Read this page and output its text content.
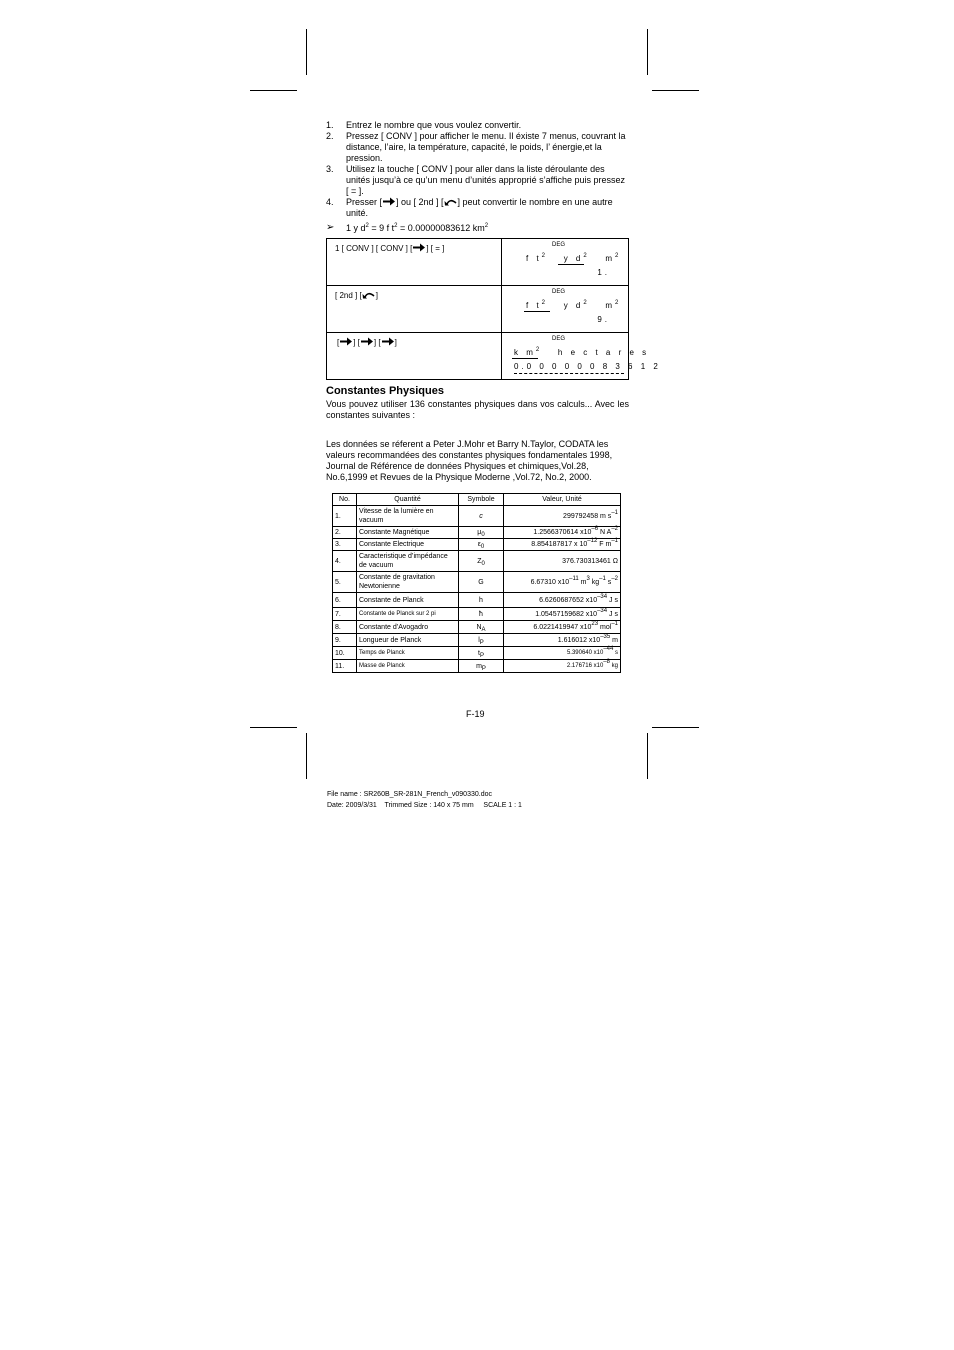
1. Entrez le nombre que vous voulez convertir.
2. Pressez [ CONV ] pour afficher le menu. Il éxiste 7 menus, couvrant la distance, l’aire, la température, capacité, le poids, l’ énergie,et la pression.
3. Utilisez la touche [ CONV ] pour aller dans la liste déroulante des unités jusqu’à ce qu’un menu d’unités approprié s’affiche puis pressez [ = ].
4. Presser [ ] ou [ 2nd ] [ ] peut convertir le nombre en une autre unité.
➢ 1 y $d^2 = 9$ f $t^2 = 0.00000083612$ $km^2$
1 [ CONV ] [ CONV ] [ ] [ = ]	DEG
f $t^2$ y $d^2$ $m^2$
1.

[ 2nd ] [ ]	DEG
f $t^2$ y $d^2$ $m^2$
9.

[ ] [ ] [ ]	DEG
k $m^2$ h e c t a r e s
0.0 0 0 0 0 0 8 3 6 1 2
Constantes Physiques

Vous pouvez utiliser 136 constantes physiques dans vos calculs... Avec les constantes suivantes :

Les données se réferent a Peter J.Mohr et Barry N.Taylor, CODATA les valeurs recommandées des constantes physiques fondamentales 1998, Journal de Référence de données Physiques et chimiques,Vol.28, No.6,1999 et Revues de la Physique Moderne ,Vol.72, No.2, 2000.

No.	Quantité	Symbole	Valeur, Unité
1.	Vitesse de la lumière en vacuum	c	299792458 m $s^{-1}$
2.	Constante Magnétique	$\mu_0$	1.2566370614 $x10^{-6}$ N $A^{-2}$
3.	Constante Electrique	$\varepsilon_0$	8.854187817 x $10^{-12}$ F $m^{-1}$
4.	Caracteristique d’impédance de vacuum	$Z_0$	376.730313461 Ω
5.	Constante de gravitation Newtonienne	G	6.67310 $x10^{-11}$ $m^3$ $kg^{-1}$ $s^{-2}$
6.	Constante de Planck	h	6.6260687652 $x10^{-34}$ J s
7.	Constante de Planck sur 2 pi	ħ	1.05457159682 $x10^{-34}$ J s
8.	Constante d’Avogadro	$N_A$	6.0221419947 $x10^{23}$ mol$^{-1}$
9.	Longueur de Planck	$l_P$	1.616012 $x10^{-35}$ m
10.	Temps de Planck	$t_P$	5.390640 $x10^{-44}$ s
11.	Masse de Planck	$m_P$	2.176716 $x10^{-8}$ kg
F-19
File name : SR260B_SR-281N_French_v090330.doc
Date: 2009/3/31    Trimmed Size : 140 x 75 mm     SCALE 1 : 1
